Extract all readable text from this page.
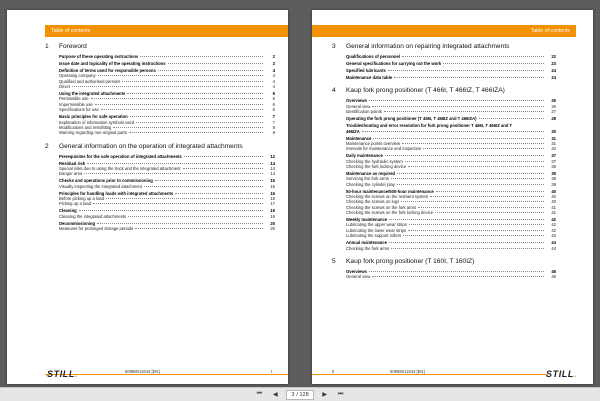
Table of contents
1	Foreword
Purpose of these operating instructions	2
Issue date and topicality of the operating instructions	3
Definition of terms used for responsible persons	4
Operating company	4
Qualified and authorised persons	4
Driver	4
Using the integrated attachments	5
Permissible use	5
Impermissible use	6
Specifications for use	6
Basic principles for safe operation	7
Explanation of information symbols used	7
Modifications and retrofitting	8
Warning regarding non-original parts	8
2	General information on the operation of integrated attachments
Prerequisites for the safe operation of integrated attachments	12
Residual risk	14
Special risks due to using the truck and the integrated attachment	14
Danger area	14
Checks and operations prior to commissioning	15
Visually inspecting the integrated attachment	15
Principles for handling loads with integrated attachments	16
Before picking up a load	16
Picking up a load	17
Cleaning	19
Cleaning the integrated attachments	19
Decommissioning	20
Measures for prolonged storage periods	20
STILL.	50988011644 [EN]	I
Table of contents
3	General information on repairing integrated attachments
Qualifications of personnel	22
General specifications for carrying out the work	23
Specified lubricants	24
Maintenance data table	24
4	Kaup fork prong positioner (T 466I, T 466IZ, T 466IZA)
Overviews	26
General view	26
Identification points	27
Operating the fork prong positioner (T 466I, T 466IZ and T 466IZA)	28
Troubleshooting and error resolution for fork prong positioner T 466I, T 466IZ and T
466IZA	30
Maintenance	31
Maintenance points overview	31
Intervals for maintenance and inspection	34
Daily maintenance	37
Checking the hydraulic system	37
Checking the fork locking device	38
Maintenance as required	39
Servicing the fork arms	39
Checking the cylinder play	39
50-hour maintenance/500-hour maintenance	40
Checking the screws on the restraint system	40
Checking the screws on lugs	40
Checking the screws on the fork arms	41
Checking the screws on the fork locking device	41
Weekly maintenance	42
Lubricating the upper wear strips	42
Lubricating the lower wear strips	42
Lubricating the support rollers	43
Annual maintenance	44
Checking the fork arms	44
5	Kaup fork prong positioner (T 160I, T 160IZ)
Overviews	46
General view	46
II	50988011644 [EN]	STILL.
⏮	◀	3 / 128	▶	⏭
